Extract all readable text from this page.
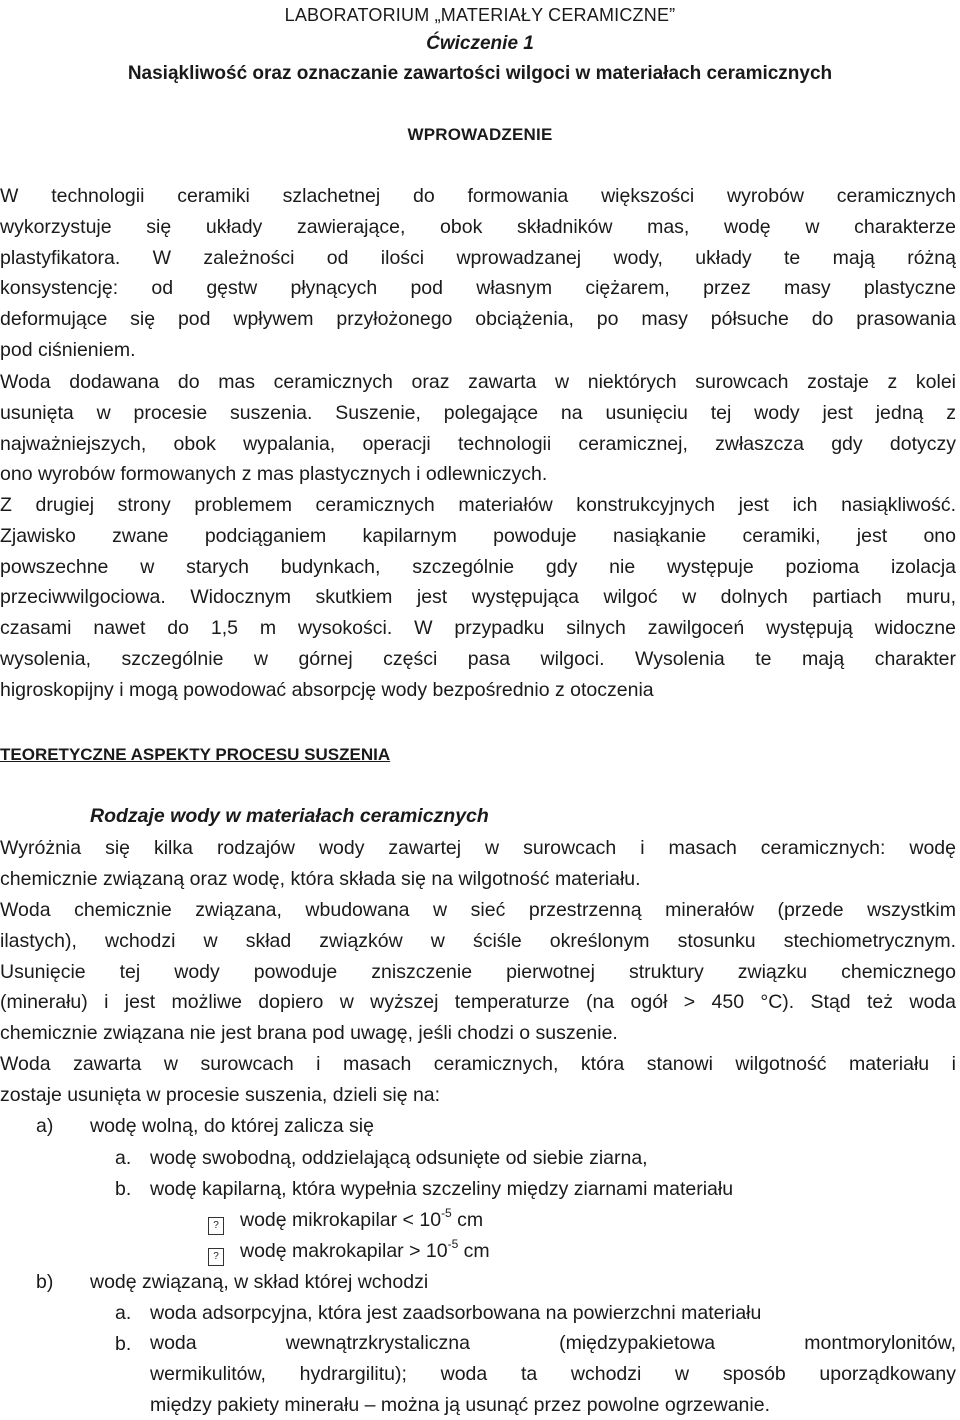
LABORATORIUM „MATERIAŁY CERAMICZNE”
Ćwiczenie 1
Nasiąkliwość oraz oznaczanie zawartości wilgoci w materiałach ceramicznych
WPROWADZENIE
W technologii ceramiki szlachetnej do formowania większości wyrobów ceramicznych
wykorzystuje się układy zawierające, obok składników mas, wodę w charakterze
plastyfikatora. W zależności od ilości wprowadzanej wody, układy te mają różną
konsystencję: od gęstw płynących pod własnym ciężarem, przez masy plastyczne
deformujące się pod wpływem przyłożonego obciążenia, po masy półsuche do prasowania
pod ciśnieniem.
Woda dodawana do mas ceramicznych oraz zawarta w niektórych surowcach zostaje z kolei
usunięta w procesie suszenia. Suszenie, polegające na usunięciu tej wody jest jedną z
najważniejszych, obok wypalania, operacji technologii ceramicznej, zwłaszcza gdy dotyczy
ono wyrobów formowanych z mas plastycznych i odlewniczych.
Z drugiej strony problemem ceramicznych materiałów konstrukcyjnych jest ich nasiąkliwość.
Zjawisko zwane podciąganiem kapilarnym powoduje nasiąkanie ceramiki, jest ono
powszechne w starych budynkach, szczególnie gdy nie występuje pozioma izolacja
przeciwwilgociowa. Widocznym skutkiem jest występująca wilgoć w dolnych partiach muru,
czasami nawet do 1,5 m wysokości. W przypadku silnych zawilgoceń występują widoczne
wysolenia, szczególnie w górnej części pasa wilgoci. Wysolenia te mają charakter
higroskopijny i mogą powodować absorpcję wody bezpośrednio z otoczenia
TEORETYCZNE ASPEKTY PROCESU SUSZENIA
Rodzaje wody w materiałach ceramicznych
Wyróżnia się kilka rodzajów wody zawartej w surowcach i masach ceramicznych: wodę
chemicznie związaną oraz wodę, która składa się na wilgotność materiału.
Woda chemicznie związana, wbudowana w sieć przestrzenną minerałów (przede wszystkim
ilastych), wchodzi w skład związków w ściśle określonym stosunku stechiometrycznym.
Usunięcie tej wody powoduje zniszczenie pierwotnej struktury związku chemicznego
(minerału) i jest możliwe dopiero w wyższej temperaturze (na ogół > 450 °C). Stąd też woda
chemicznie związana nie jest brana pod uwagę, jeśli chodzi o suszenie.
Woda zawarta w surowcach i masach ceramicznych, która stanowi wilgotność materiału i
zostaje usunięta w procesie suszenia, dzieli się na:
a) wodę wolną, do której zalicza się
a. wodę swobodną, oddzielającą odsunięte od siebie ziarna,
b. wodę kapilarną, która wypełnia szczeliny między ziarnami materiału
? wodę mikrokapilar < $10^{-5}$ cm
? wodę makrokapilar > $10^{-5}$ cm
b) wodę związaną, w skład której wchodzi
a. woda adsorpcyjna, która jest zaadsorbowana na powierzchni materiału
b. woda wewnątrzkrystaliczna (międzypakietowa montmorylonitów,
wermikulitów, hydrargilitu); woda ta wchodzi w sposób uporządkowany
między pakiety minerału – można ją usunąć przez powolne ogrzewanie.
